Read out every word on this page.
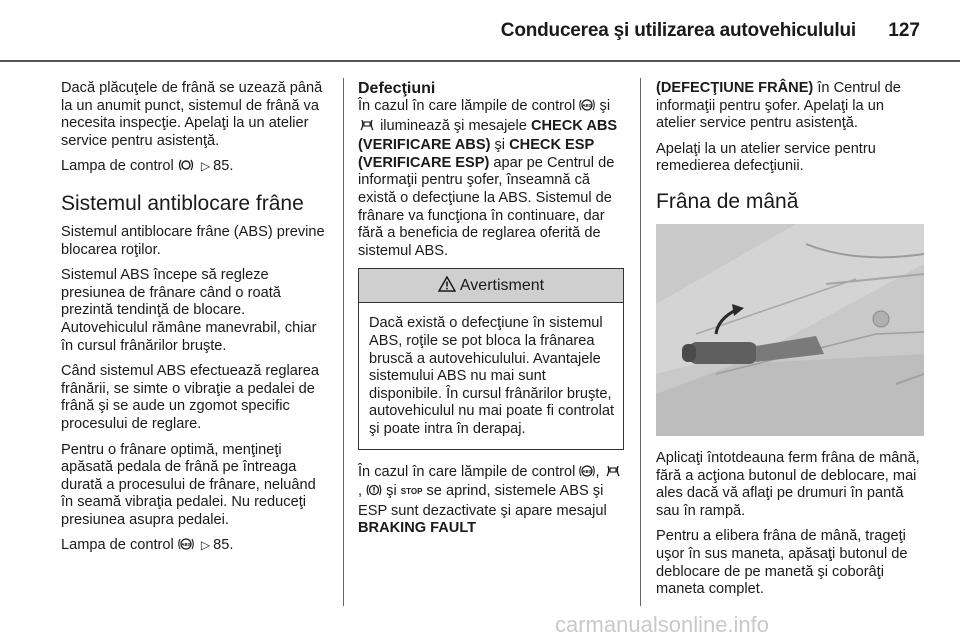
Conducerea şi utilizarea autovehiculului 127

Dacă plăcuţele de frână se uzează până la un anumit punct, sistemul de frână va necesita inspecţie. Apelaţi la un atelier service pentru asistenţă.

Lampa de control ▷ 85.

Sistemul antiblocare frâne

Sistemul antiblocare frâne (ABS) previne blocarea roţilor.

Sistemul ABS începe să regleze presiunea de frânare când o roată prezintă tendinţă de blocare. Autovehiculul rămâne manevrabil, chiar în cursul frânărilor bruşte.

Când sistemul ABS efectuează reglarea frânării, se simte o vibraţie a pedalei de frână şi se aude un zgomot specific procesului de reglare.

Pentru o frânare optimă, menţineţi apăsată pedala de frână pe întreaga durată a procesului de frânare, neluând în seamă vibraţia pedalei. Nu reduceţi presiunea asupra pedalei.

Lampa de control ABS ▷ 85.

Defecţiuni

În cazul în care lămpile de control ABS şi  iluminează şi mesajele CHECK ABS (VERIFICARE ABS) şi CHECK ESP (VERIFICARE ESP) apar pe Centrul de informaţii pentru şofer, înseamnă că există o defecţiune la ABS. Sistemul de frânare va funcţiona în continuare, dar fără a beneficia de reglarea oferită de sistemul ABS.

Avertisment
Dacă există o defecţiune în sistemul ABS, roţile se pot bloca la frânarea bruscă a autovehiculului. Avantajele sistemului ABS nu mai sunt disponibile. În cursul frânărilor bruşte, autovehiculul nu mai poate fi controlat şi poate intra în derapaj.

În cazul în care lămpile de control ABS , ,  şi STOP se aprind, sistemele ABS şi ESP sunt dezactivate şi apare mesajul BRAKING FAULT

(DEFECŢIUNE FRÂNE) în Centrul de informaţii pentru şofer. Apelaţi la un atelier service pentru asistenţă.

Apelaţi la un atelier service pentru remedierea defecţiunii.

Frâna de mână

Aplicaţi întotdeauna ferm frâna de mână, fără a acţiona butonul de deblocare, mai ales dacă vă aflaţi pe drumuri în pantă sau în rampă.

Pentru a elibera frâna de mână, trageţi uşor în sus maneta, apăsaţi butonul de deblocare de pe manetă şi coborâţi maneta complet.

carmanualsonline.info
